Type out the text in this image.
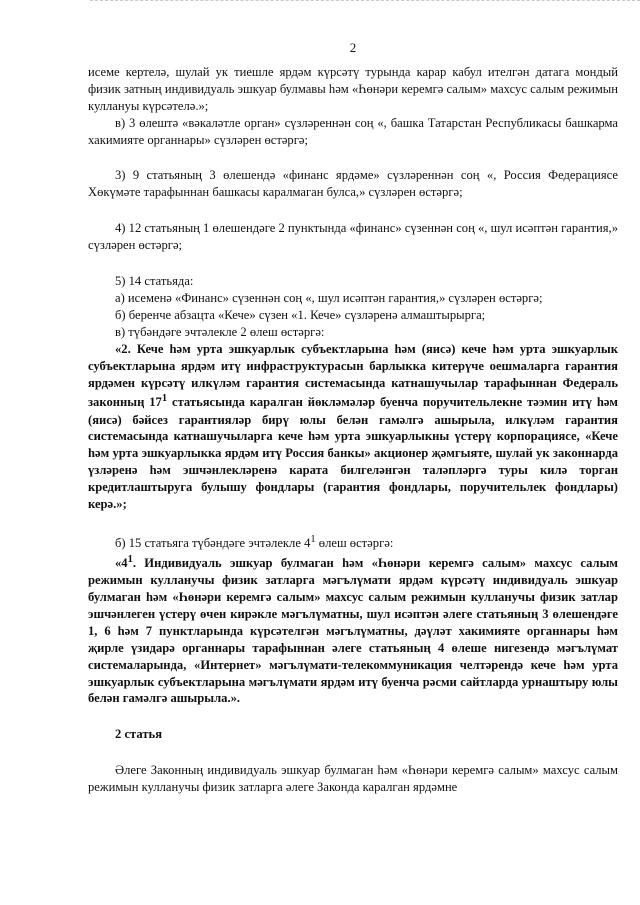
2

исеме кертелә, шулай ук тиешле ярдәм күрсәтү турында карар кабул ителгән датага мондый физик затның индивидуаль эшкуар булмавы һәм «Һөнәри керемгә салым» махсус салым режимын куллануы күрсәтелә.»;

в) 3 өлештә «вәкаләтле орган» сүзләреннән соң «, башка Татарстан Республикасы башкарма хакимияте органнары» сүзләрен өстәргә;

3) 9 статьяның 3 өлешендә «финанс ярдәме» сүзләреннән соң «, Россия Федерациясе Хөкүмәте тарафыннан башкасы каралмаган булса,» сүзләрен өстәргә;

4) 12 статьяның 1 өлешендәге 2 пунктында «финанс» сүзеннән соң «, шул исәптән гарантия,» сүзләрен өстәргә;

5) 14 статьяда:

а) исеменә «Финанс» сүзеннән соң «, шул исәптән гарантия,» сүзләрен өстәргә;

б) беренче абзацта «Кече» сүзен «1. Кече» сүзләренә алмаштырырга;

в) түбәндәге эчтәлекле 2 өлеш өстәргә:

«2. Кече һәм урта эшкуарлык субъектларына һәм (яисә) кече һәм урта эшкуарлык субъектларына ярдәм итү инфраструктурасын барлыкка китерүче оешмаларга гарантия ярдәмен күрсәтү илкүләм гарантия системасында катнашучылар тарафыннан Федераль законның $17^1$ статьясында каралган йөкләмәләр буенча поручительлекне тәэмин итү һәм (яисә) бәйсез гарантияләр бирү юлы белән гамәлгә ашырыла, илкүләм гарантия системасында катнашучыларга кече һәм урта эшкуарлыкны үстерү корпорациясе, «Кече һәм урта эшкуарлыкка ярдәм итү Россия банкы» акционер җәмгыяте, шулай ук законнарда үзләренә һәм эшчәнлекләренә карата билгеләнгән таләпләргә туры килә торган кредитлаштыруга булышу фондлары (гарантия фондлары, поручительлек фондлары) керә.»;

б) 15 статьяга түбәндәге эчтәлекле $4^1$ өлеш өстәргә:

«$4^1$. Индивидуаль эшкуар булмаган һәм «Һөнәри керемгә салым» махсус салым режимын кулланучы физик затларга мәгълүмати ярдәм күрсәтү индивидуаль эшкуар булмаган һәм «Һөнәри керемгә салым» махсус салым режимын кулланучы физик затлар эшчәнлеген үстерү өчен кирәкле мәгълүматны, шул исәптән әлеге статьяның 3 өлешендәге 1, 6 һәм 7 пунктларында күрсәтелгән мәгълүматны, дәүләт хакимияте органнары һәм җирле үзидарә органнары тарафыннан әлеге статьяның 4 өлеше нигезендә мәгълүмат системаларында, «Интернет» мәгълүмати-телекоммуникация челтәрендә кече һәм урта эшкуарлык субъектларына мәгълүмати ярдәм итү буенча рәсми сайтларда урнаштыру юлы белән гамәлгә ашырыла.».

2 статья

Әлеге Законның индивидуаль эшкуар булмаган һәм «Һөнәри керемгә салым» махсус салым режимын кулланучы физик затларга әлеге Законда каралган ярдәмне
